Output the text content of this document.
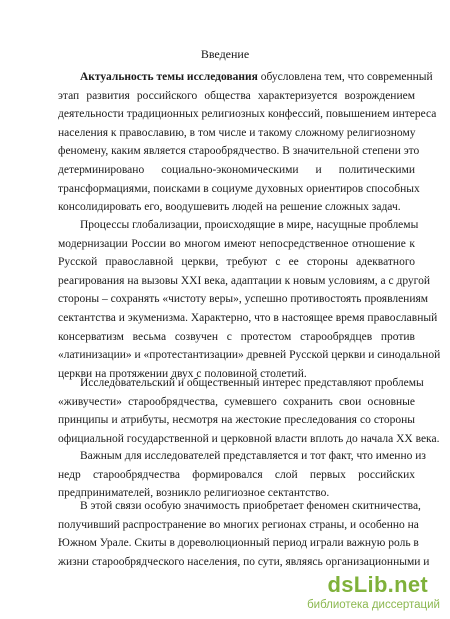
Введение
Актуальность темы исследования обусловлена тем, что современный
этап развития российского общества характеризуется возрождением
деятельности традиционных религиозных конфессий, повышением интереса
населения к православию, в том числе и такому сложному религиозному
феномену, каким является старообрядчество. В значительной степени это
детерминировано социально-экономическими и политическими
трансформациями, поисками в социуме духовных ориентиров способных
консолидировать его, воодушевить людей на решение сложных задач.
Процессы глобализации, происходящие в мире, насущные проблемы
модернизации России во многом имеют непосредственное отношение к
Русской православной церкви, требуют с ее стороны адекватного
реагирования на вызовы XXI века, адаптации к новым условиям, а с другой
стороны – сохранять «чистоту веры», успешно противостоять проявлениям
сектантства и экуменизма. Характерно, что в настоящее время православный
консерватизм весьма созвучен с протестом старообрядцев против
«латинизации» и «протестантизации» древней Русской церкви и синодальной
церкви на протяжении двух с половиной столетий.
Исследовательский и общественный интерес представляют проблемы
«живучести» старообрядчества, сумевшего сохранить свои основные
принципы и атрибуты, несмотря на жестокие преследования со стороны
официальной государственной и церковной власти вплоть до начала XX века.
Важным для исследователей представляется и тот факт, что именно из
недр старообрядчества формировался слой первых российских
предпринимателей, возникло религиозное сектантство.
В этой связи особую значимость приобретает феномен скитничества,
получивший распространение во многих регионах страны, и особенно на
Южном Урале. Скиты в дореволюционный период играли важную роль в
жизни старообрядческого населения, по сути, являясь организационными и
dsLib.net
библиотека диссертаций
